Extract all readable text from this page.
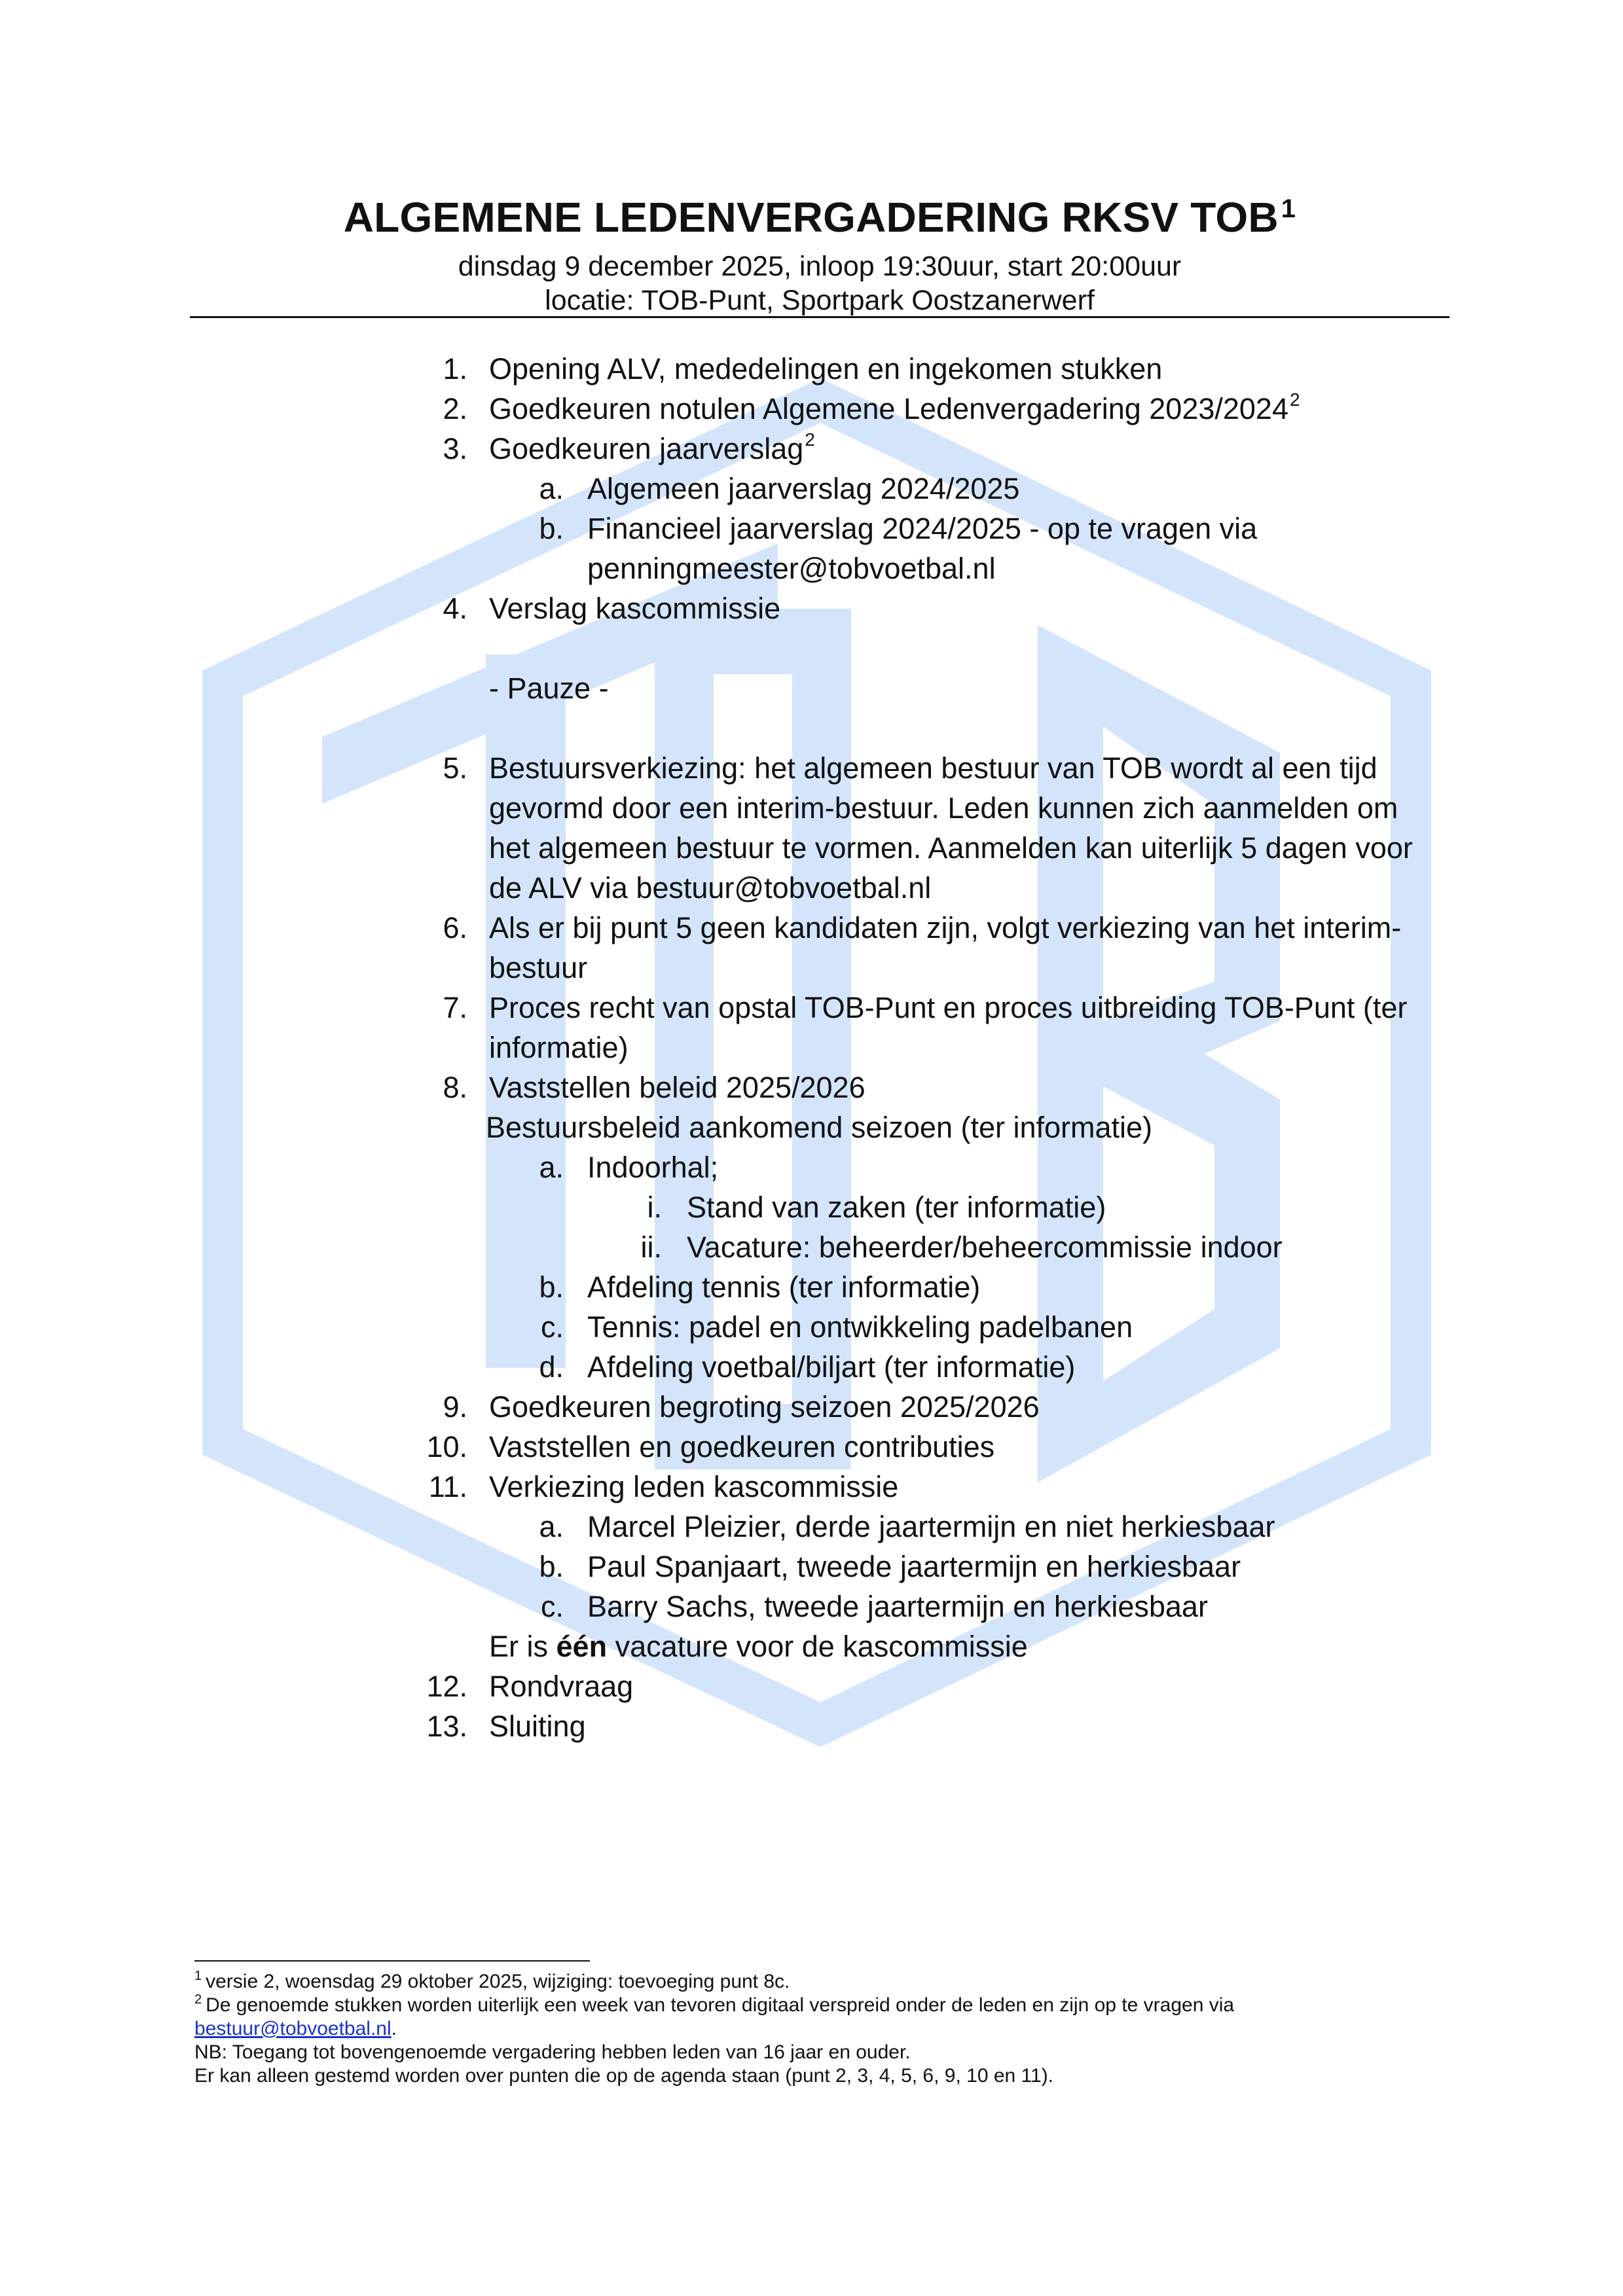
ALGEMENE LEDENVERGADERING RKSV TOB $^1$
dinsdag 9 december 2025, inloop 19:30uur, start 20:00uur
locatie: TOB-Punt, Sportpark Oostzanerwerf
1. Opening ALV, mededelingen en ingekomen stukken
2. Goedkeuren notulen Algemene Ledenvergadering 2023/2024$^2$
3. Goedkeuren jaarverslag$^2$
a. Algemeen jaarverslag 2024/2025
b. Financieel jaarverslag 2024/2025 - op te vragen via
penningmeester@tobvoetbal.nl
4. Verslag kascommissie
- Pauze -
5. Bestuursverkiezing: het algemeen bestuur van TOB wordt al een tijd
gevormd door een interim-bestuur. Leden kunnen zich aanmelden om
het algemeen bestuur te vormen. Aanmelden kan uiterlijk 5 dagen voor
de ALV via bestuur@tobvoetbal.nl
6. Als er bij punt 5 geen kandidaten zijn, volgt verkiezing van het interim-
bestuur
7. Proces recht van opstal TOB-Punt en proces uitbreiding TOB-Punt (ter
informatie)
8. Vaststellen beleid 2025/2026
Bestuursbeleid aankomend seizoen (ter informatie)
a. Indoorhal;
i. Stand van zaken (ter informatie)
ii. Vacature: beheerder/beheercommissie indoor
b. Afdeling tennis (ter informatie)
c. Tennis: padel en ontwikkeling padelbanen
d. Afdeling voetbal/biljart (ter informatie)
9. Goedkeuren begroting seizoen 2025/2026
10. Vaststellen en goedkeuren contributies
11. Verkiezing leden kascommissie
a. Marcel Pleizier, derde jaartermijn en niet herkiesbaar
b. Paul Spanjaart, tweede jaartermijn en herkiesbaar
c. Barry Sachs, tweede jaartermijn en herkiesbaar
Er is één vacature voor de kascommissie
12. Rondvraag
13. Sluiting
$^1$ versie 2, woensdag 29 oktober 2025, wijziging: toevoeging punt 8c.
$^2$ De genoemde stukken worden uiterlijk een week van tevoren digitaal verspreid onder de leden en zijn op te vragen via
bestuur@tobvoetbal.nl.
NB: Toegang tot bovengenoemde vergadering hebben leden van 16 jaar en ouder.
Er kan alleen gestemd worden over punten die op de agenda staan (punt 2, 3, 4, 5, 6, 9, 10 en 11).
